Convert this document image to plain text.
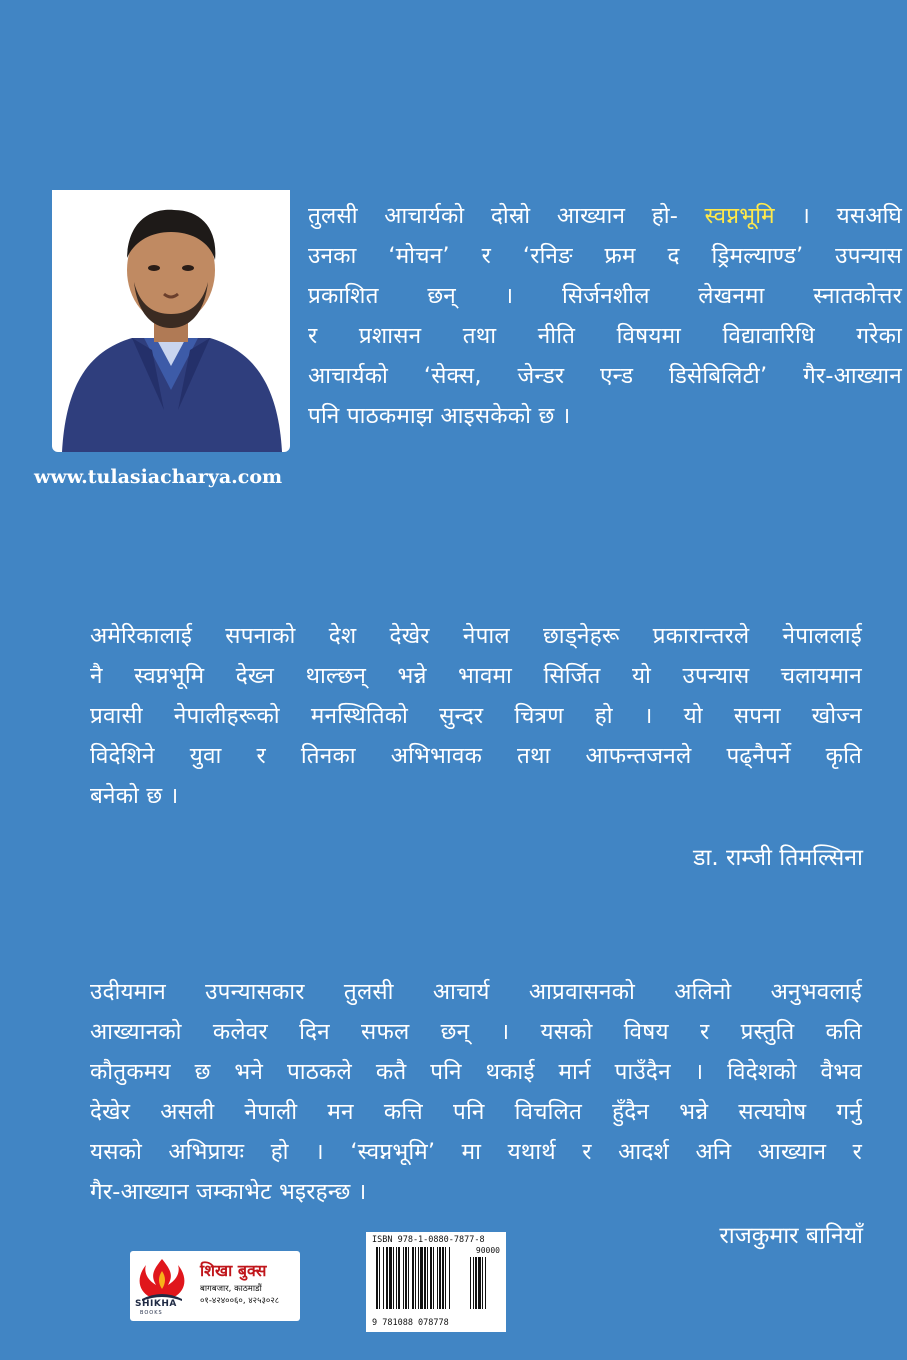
www.tulasiacharya.com
तुलसी आचार्यको दोस्रो आख्यान हो- स्वप्नभूमि । यसअघि
उनका ‘मोचन’ र ‘रनिङ फ्रम द ड्रिमल्याण्ड’ उपन्यास
प्रकाशित छन् । सिर्जनशील लेखनमा स्नातकोत्तर
र प्रशासन तथा नीति विषयमा विद्यावारिधि गरेका
आचार्यको ‘सेक्स, जेन्डर एन्ड डिसेबिलिटी’ गैर-आख्यान
पनि पाठकमाझ आइसकेको छ ।
अमेरिकालाई सपनाको देश देखेर नेपाल छाड्नेहरू प्रकारान्तरले नेपाललाई
नै स्वप्नभूमि देख्न थाल्छन् भन्ने भावमा सिर्जित यो उपन्यास चलायमान
प्रवासी नेपालीहरूको मनस्थितिको सुन्दर चित्रण हो । यो सपना खोज्न
विदेशिने युवा र तिनका अभिभावक तथा आफन्तजनले पढ्नैपर्ने कृति
बनेको छ ।
डा. राम्जी तिमल्सिना
उदीयमान उपन्यासकार तुलसी आचार्य आप्रवासनको अलिनो अनुभवलाई
आख्यानको कलेवर दिन सफल छन् । यसको विषय र प्रस्तुति कति
कौतुकमय छ भने पाठकले कतै पनि थकाई मार्न पाउँदैन । विदेशको वैभव
देखेर असली नेपाली मन कत्ति पनि विचलित हुँदैन भन्ने सत्यघोष गर्नु
यसको अभिप्रायः हो । ‘स्वप्नभूमि’ मा यथार्थ र आदर्श अनि आख्यान र
गैर-आख्यान जम्काभेट भइरहन्छ ।
राजकुमार बानियाँ
SHIKHA
BOOKS
शिखा बुक्स
बागबजार, काठमाडौं
०१-४२४००६०, ४२५३०२८
ISBN 978-1-0880-7877-8
9 781088 078778
90000
